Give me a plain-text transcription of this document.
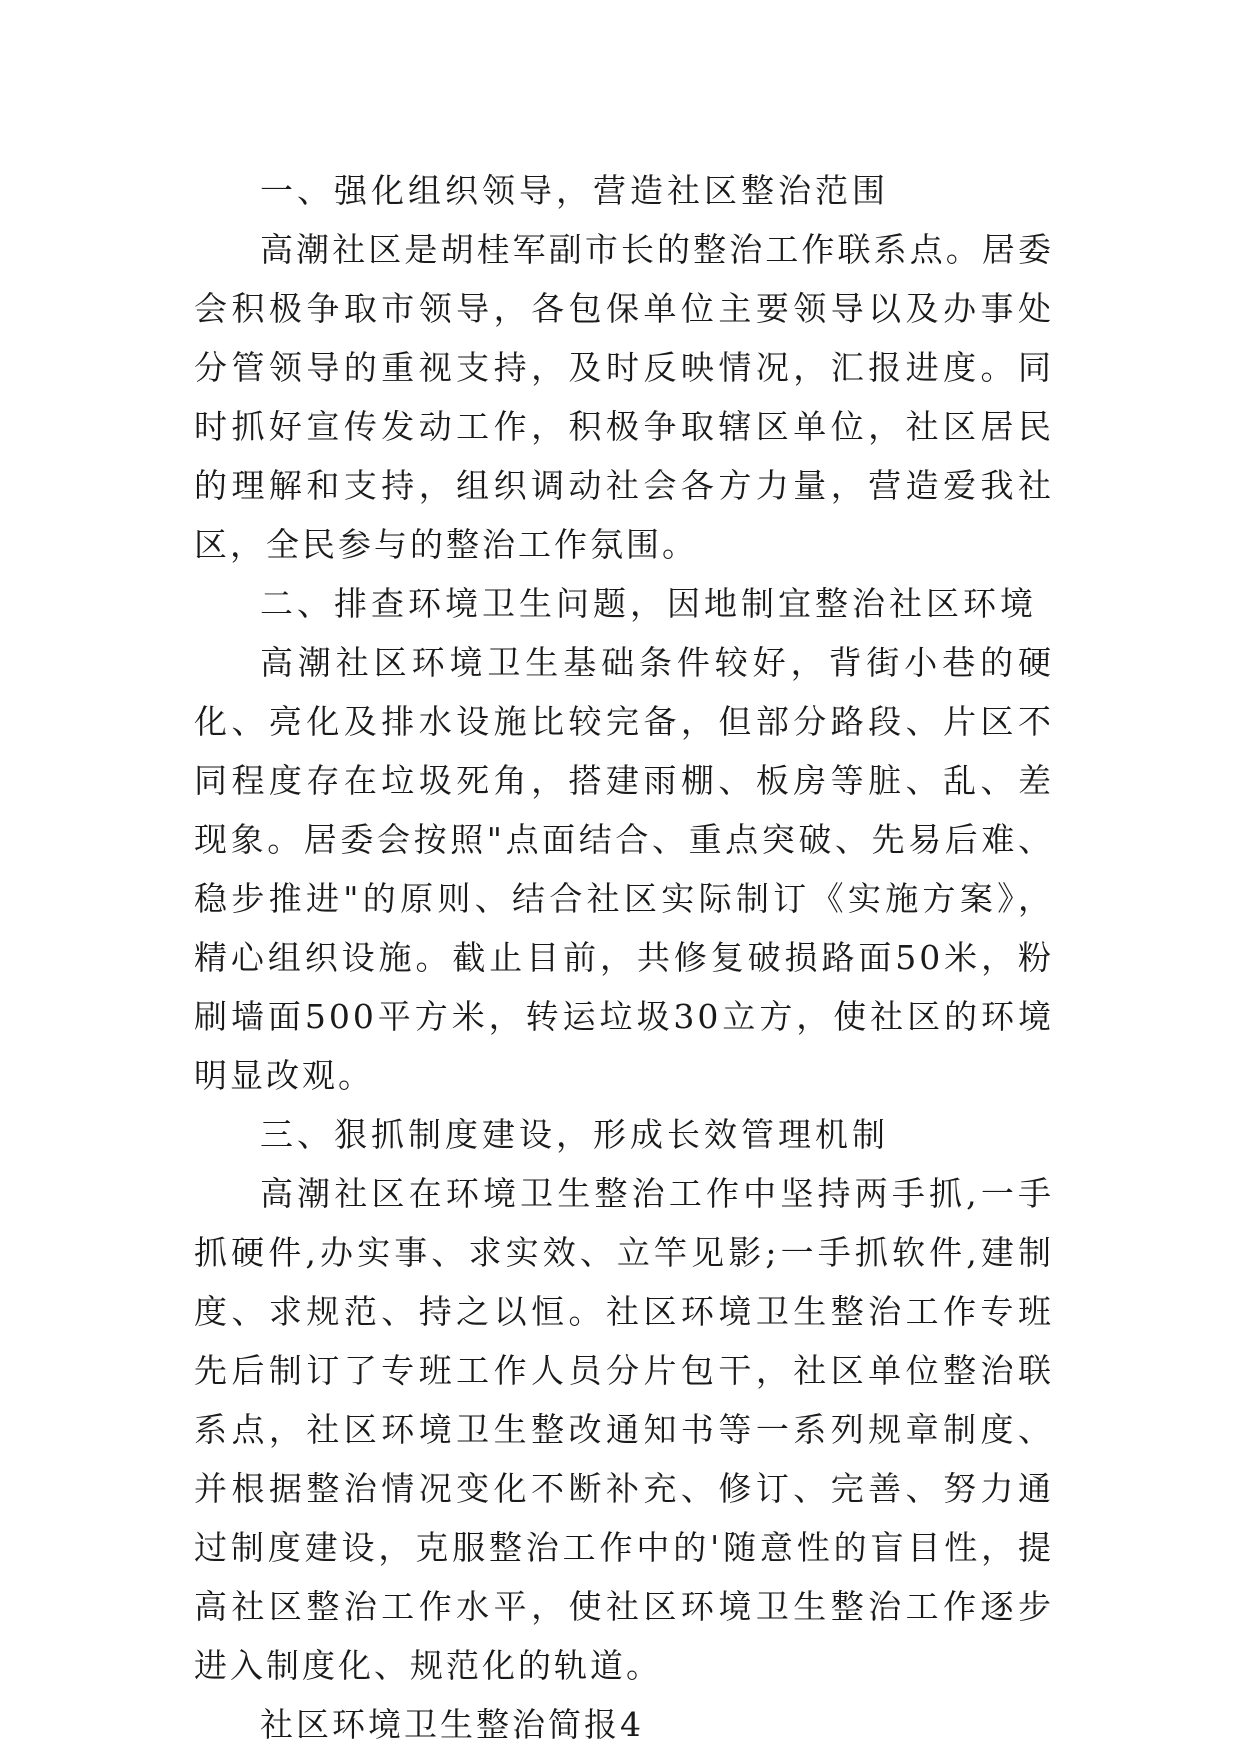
一、强化组织领导，营造社区整治范围

高潮社区是胡桂军副市长的整治工作联系点。居委会积极争取市领导，各包保单位主要领导以及办事处分管领导的重视支持，及时反映情况，汇报进度。同时抓好宣传发动工作，积极争取辖区单位，社区居民的理解和支持，组织调动社会各方力量，营造爱我社区，全民参与的整治工作氛围。

二、排查环境卫生问题，因地制宜整治社区环境

高潮社区环境卫生基础条件较好，背街小巷的硬化、亮化及排水设施比较完备，但部分路段、片区不同程度存在垃圾死角，搭建雨棚、板房等脏、乱、差现象。居委会按照"点面结合、重点突破、先易后难、稳步推进"的原则、结合社区实际制订《实施方案》，精心组织设施。截止目前，共修复破损路面50米，粉刷墙面500平方米，转运垃圾30立方，使社区的环境明显改观。

三、狠抓制度建设，形成长效管理机制

高潮社区在环境卫生整治工作中坚持两手抓,一手抓硬件,办实事、求实效、立竿见影;一手抓软件,建制度、求规范、持之以恒。社区环境卫生整治工作专班先后制订了专班工作人员分片包干，社区单位整治联系点，社区环境卫生整改通知书等一系列规章制度、并根据整治情况变化不断补充、修订、完善、努力通过制度建设，克服整治工作中的'随意性的盲目性，提高社区整治工作水平，使社区环境卫生整治工作逐步进入制度化、规范化的轨道。

社区环境卫生整治简报4
